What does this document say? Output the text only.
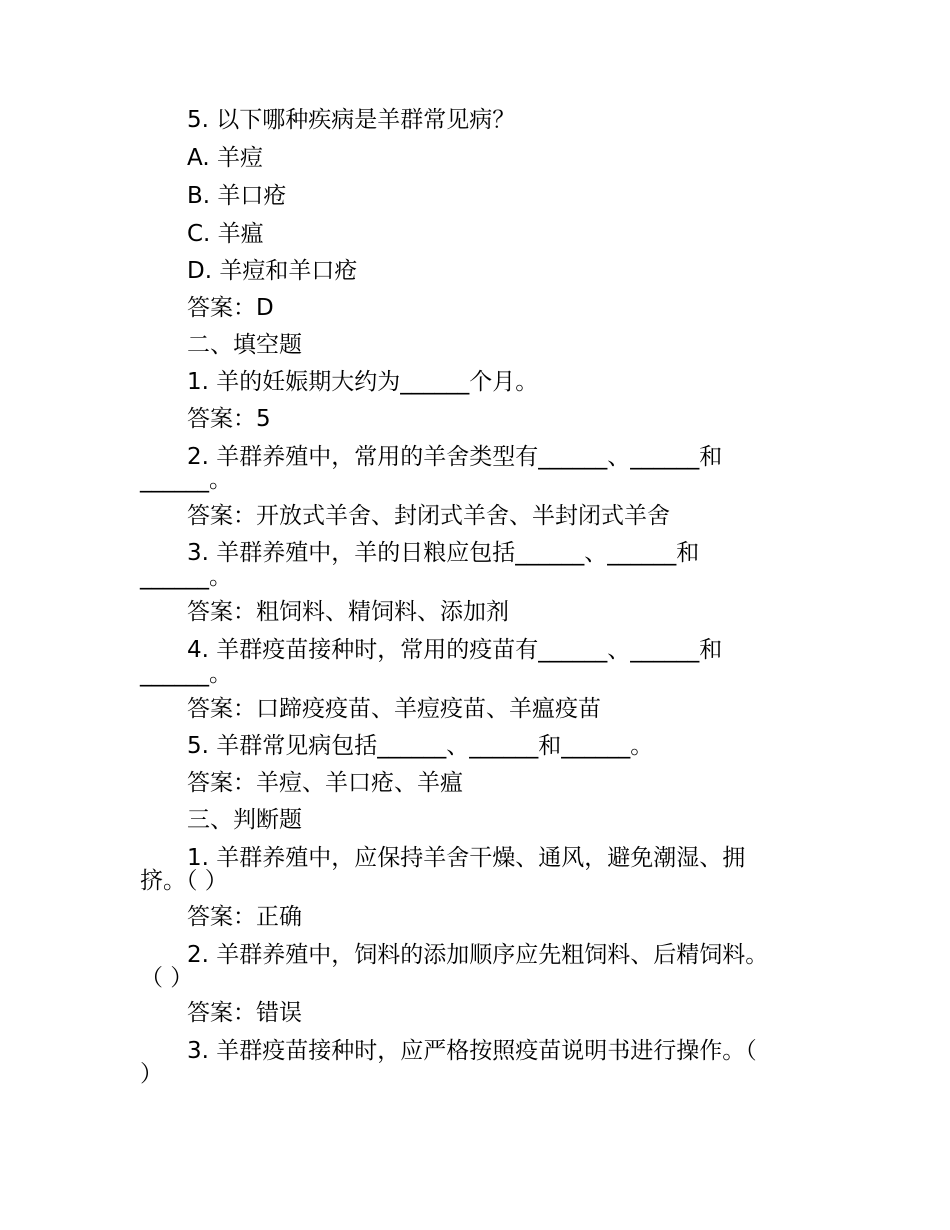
5. 以下哪种疾病是羊群常见病？
A. 羊痘
B. 羊口疮
C. 羊瘟
D. 羊痘和羊口疮
答案：D
二、填空题
1. 羊的妊娠期大约为______个月。
答案：5
2. 羊群养殖中，常用的羊舍类型有______、______和
______。
答案：开放式羊舍、封闭式羊舍、半封闭式羊舍
3. 羊群养殖中，羊的日粮应包括______、______和
______。
答案：粗饲料、精饲料、添加剂
4. 羊群疫苗接种时，常用的疫苗有______、______和
______。
答案：口蹄疫疫苗、羊痘疫苗、羊瘟疫苗
5. 羊群常见病包括______、______和______。
答案：羊痘、羊口疮、羊瘟
三、判断题
1. 羊群养殖中，应保持羊舍干燥、通风，避免潮湿、拥
挤。（ ）
答案：正确
2. 羊群养殖中，饲料的添加顺序应先粗饲料、后精饲料。
（ ）
答案：错误
3. 羊群疫苗接种时，应严格按照疫苗说明书进行操作。（
）
